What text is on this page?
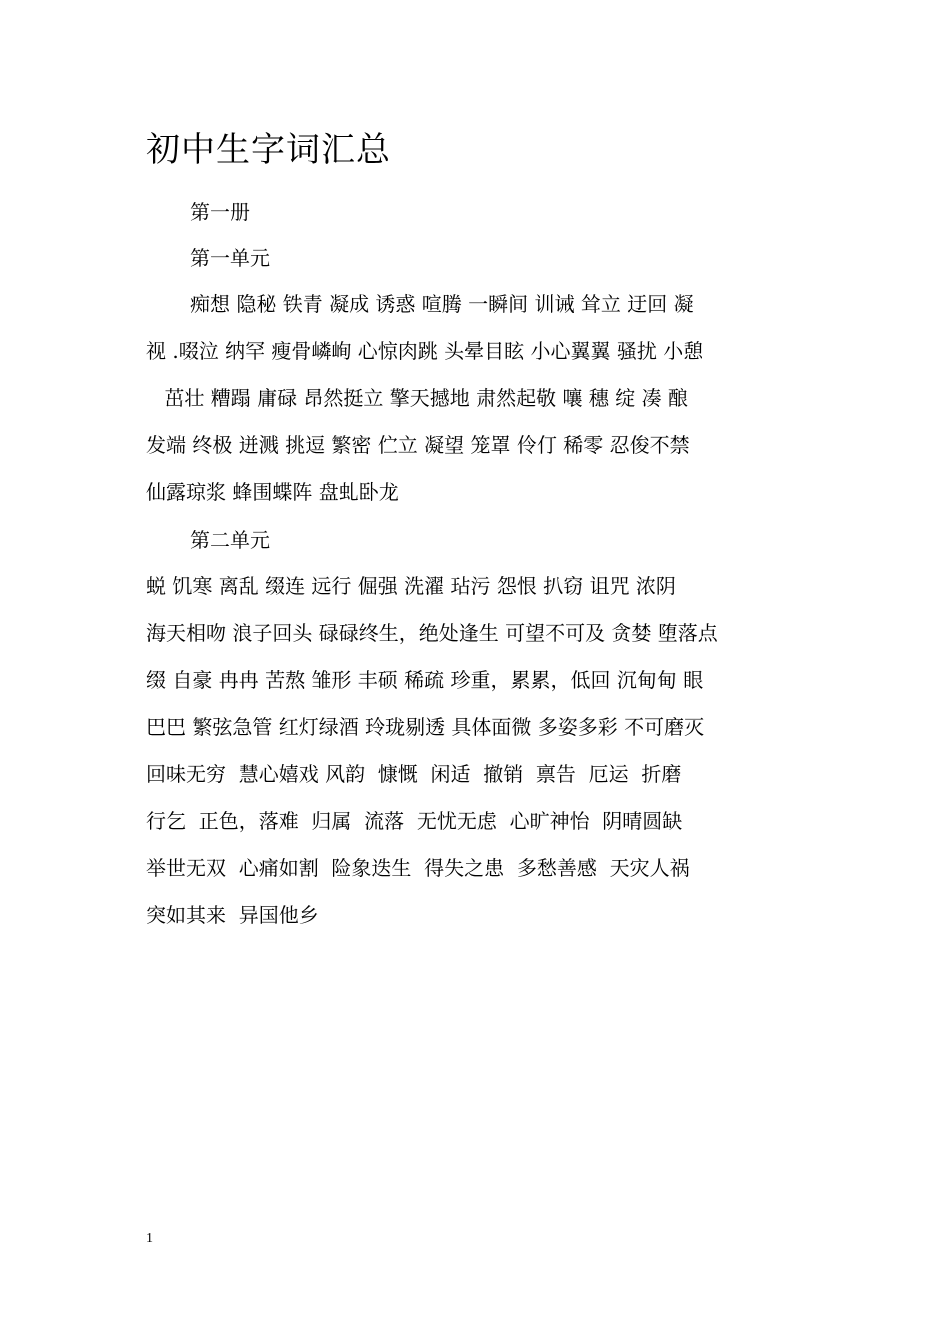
初中生字词汇总
第一册
第一单元
痴想 隐秘 铁青 凝成 诱惑 喧腾 一瞬间 训诫 耸立 迂回 凝
视 .啜泣 纳罕 瘦骨嶙峋 心惊肉跳 头晕目眩 小心翼翼 骚扰 小憩
茁壮 糟蹋 庸碌 昂然挺立 擎天撼地 肃然起敬 嚷 穗 绽 凑 酿
发端 终极 迸溅 挑逗 繁密 伫立 凝望 笼罩 伶仃 稀零 忍俊不禁
仙露琼浆 蜂围蝶阵 盘虬卧龙
第二单元
蜕 饥寒 离乱 缀连 远行 倔强 洗濯 玷污 怨恨 扒窃 诅咒 浓阴
海天相吻 浪子回头 碌碌终生，绝处逢生 可望不可及 贪婪 堕落点
缀 自豪 冉冉 苦熬 雏形 丰硕 稀疏 珍重，累累，低回 沉甸甸 眼
巴巴 繁弦急管 红灯绿酒 玲珑剔透 具体面微 多姿多彩 不可磨灭
回味无穷  慧心嬉戏 风韵  慷慨  闲适  撤销  禀告  厄运  折磨
行乞  正色，落难  归属  流落  无忧无虑  心旷神怡  阴晴圆缺
举世无双  心痛如割  险象迭生  得失之患  多愁善感  天灾人祸
突如其来  异国他乡
1
